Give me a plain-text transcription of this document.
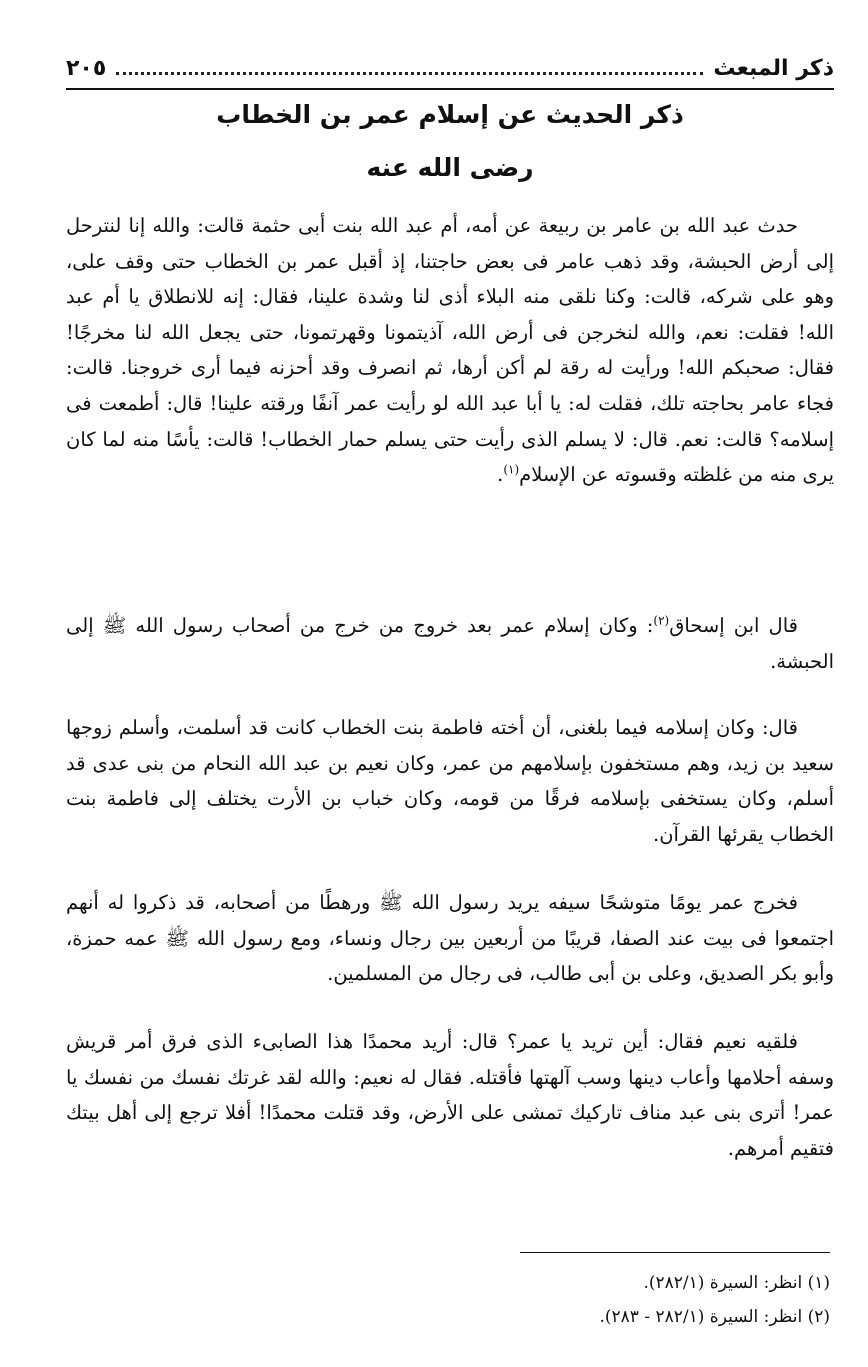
ذكر المبعث
٢٠٥
ذكر الحديث عن إسلام عمر بن الخطاب
رضى الله عنه

حدث عبد الله بن عامر بن ربيعة عن أمه، أم عبد الله بنت أبى حثمة قالت: والله إنا لنترحل إلى أرض الحبشة، وقد ذهب عامر فى بعض حاجتنا، إذ أقبل عمر بن الخطاب حتى وقف على، وهو على شركه، قالت: وكنا نلقى منه البلاء أذى لنا وشدة علينا، فقال: إنه للانطلاق يا أم عبد الله! فقلت: نعم، والله لنخرجن فى أرض الله، آذيتمونا وقهرتمونا، حتى يجعل الله لنا مخرجًا! فقال: صحبكم الله! ورأيت له رقة لم أكن أرها، ثم انصرف وقد أحزنه فيما أرى خروجنا. قالت: فجاء عامر بحاجته تلك، فقلت له: يا أبا عبد الله لو رأيت عمر آنفًا ورقته علينا! قال: أطمعت فى إسلامه؟ قالت: نعم. قال: لا يسلم الذى رأيت حتى يسلم حمار الخطاب! قالت: يأسًا منه لما كان يرى منه من غلظته وقسوته عن الإسلام$^{(١)}$.

قال ابن إسحاق$^{(٢)}$: وكان إسلام عمر بعد خروج من خرج من أصحاب رسول الله ﷺ إلى الحبشة.

قال: وكان إسلامه فيما بلغنى، أن أخته فاطمة بنت الخطاب كانت قد أسلمت، وأسلم زوجها سعيد بن زيد، وهم مستخفون بإسلامهم من عمر، وكان نعيم بن عبد الله النحام من بنى عدى قد أسلم، وكان يستخفى بإسلامه فرقًا من قومه، وكان خباب بن الأرت يختلف إلى فاطمة بنت الخطاب يقرئها القرآن.

فخرج عمر يومًا متوشحًا سيفه يريد رسول الله ﷺ ورهطًا من أصحابه، قد ذكروا له أنهم اجتمعوا فى بيت عند الصفا، قريبًا من أربعين بين رجال ونساء، ومع رسول الله ﷺ عمه حمزة، وأبو بكر الصديق، وعلى بن أبى طالب، فى رجال من المسلمين.

فلقيه نعيم فقال: أين تريد يا عمر؟ قال: أريد محمدًا هذا الصابىء الذى فرق أمر قريش وسفه أحلامها وأعاب دينها وسب آلهتها فأقتله. فقال له نعيم: والله لقد غرتك نفسك من نفسك يا عمر! أترى بنى عبد مناف تاركيك تمشى على الأرض، وقد قتلت محمدًا! أفلا ترجع إلى أهل بيتك فتقيم أمرهم.

(١) انظر: السيرة (٢٨٢/١).
(٢) انظر: السيرة (٢٨٢/١ - ٢٨٣).
